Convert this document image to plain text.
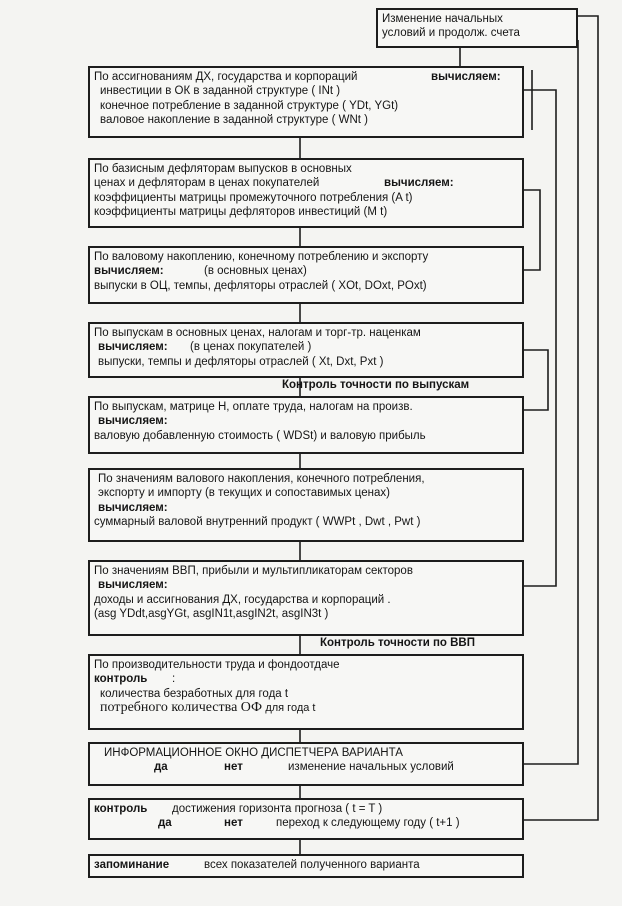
Изменение начальных
условий и продолж. счета
По ассигнованиям ДХ, государства и корпораций	вычисляем:
инвестиции в ОК в заданной структуре ( INt )
конечное потребление в заданной структуре ( YDt, YGt)
валовое накопление в заданной структуре ( WNt )
По базисным дефляторам выпусков в основных
ценах и дефляторам в ценах покупателей	вычисляем:
коэффициенты матрицы промежуточного потребления (A t)
коэффициенты матрицы дефляторов инвестиций (M t)
По валовому накоплению, конечному потреблению и экспорту
вычисляем:	(в основных ценах)
выпуски в ОЦ, темпы, дефляторы отраслей ( XOt, DOxt, POxt)
По выпускам в основных ценах, налогам и торг-тр. наценкам
вычисляем: (в ценах покупателей )
выпуски, темпы и дефляторы отраслей ( Xt, Dxt, Pxt )
Контроль точности по выпускам
По выпускам, матрице Н, оплате труда, налогам на произв.
вычисляем:
валовую добавленную стоимость ( WDSt) и валовую прибыль
По значениям валового накопления, конечного потребления,
экспорту и импорту (в текущих и сопоставимых ценах)
вычисляем:
суммарный валовой внутренний продукт ( WWPt , Dwt , Pwt )
По значениям ВВП, прибыли и мультипликаторам секторов
вычисляем:
доходы и ассигнования ДХ, государства и корпораций .
(asg YDdt,asgYGt, asgIN1t,asgIN2t, asgIN3t )
Контроль точности по ВВП
По производительности труда и фондоотдаче
контроль :
количества безработных для года t
потребного количества ОФ для года t
ИНФОРМАЦИОННОЕ ОКНО ДИСПЕТЧЕРА ВАРИАНТА
да	нет	изменение начальных условий
контроль достижения горизонта прогноза ( t = T )
да	нет	переход к следующему году ( t+1 )
запоминание	всех показателей полученного варианта
